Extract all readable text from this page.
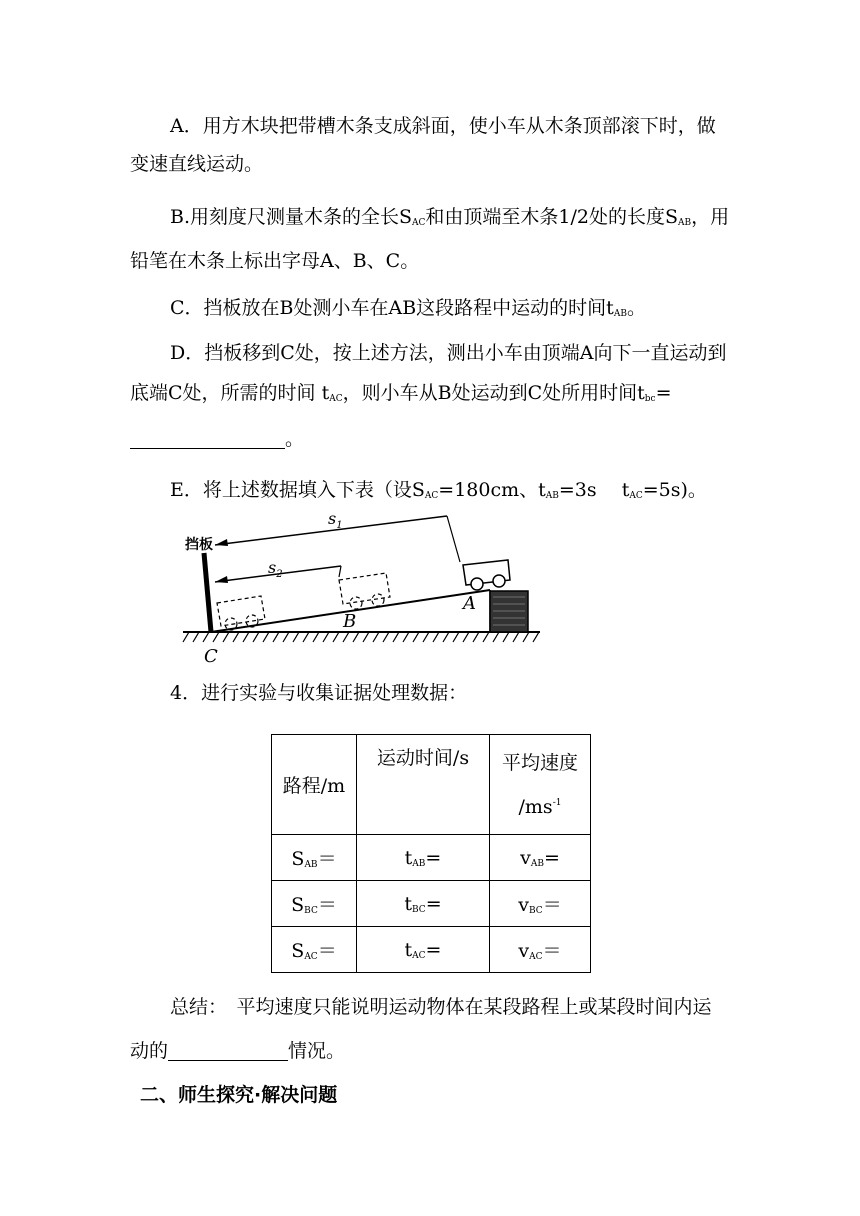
A．用方木块把带槽木条支成斜面，使小车从木条顶部滚下时，做变速直线运动。

B.用刻度尺测量木条的全长$S_{AC}$和由顶端至木条1/2处的长度$S_{AB}$，用铅笔在木条上标出字母A、B、C。

C．挡板放在B处测小车在AB这段路程中运动的时间$t_{AB}$。

D．挡板移到C处，按上述方法，测出小车由顶端A向下一直运动到底端C处，所需的时间 $t_{AC}$，则小车从B处运动到C处所用时间$t_{bc}=$。

E．将上述数据填入下表（设$S_{AC}=180cm$、$t_{AB}=3s$　 $t_{AC}=5s$)。

挡板
$s_1$
$s_2$
A
B
C

4．进行实验与收集证据处理数据：

路程/m	运动时间/s	平均速度
$/ms^{-1}$
$S_{AB}=$	$t_{AB}=$	$v_{AB}=$
$S_{BC}=$	$t_{BC}=$	$v_{BC}=$
$S_{AC}=$	$t_{AC}=$	$v_{AC}=$

总结：　平均速度只能说明运动物体在某段路程上或某段时间内运动的	情况。

二、师生探究·解决问题
